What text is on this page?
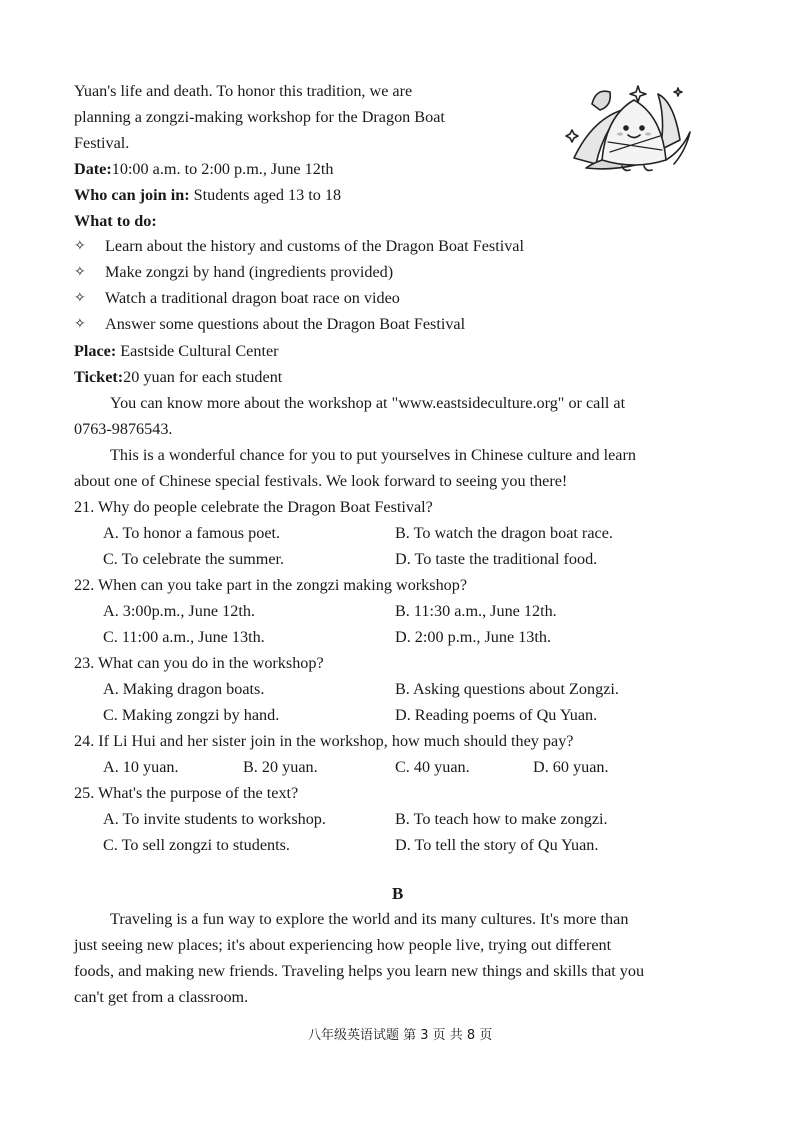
Yuan's life and death. To honor this tradition, we are
planning a zongzi-making workshop for the Dragon Boat
Festival.
Date:10:00 a.m. to 2:00 p.m., June 12th
Who can join in: Students aged 13 to 18
What to do:
✧ Learn about the history and customs of the Dragon Boat Festival
✧ Make zongzi by hand (ingredients provided)
✧ Watch a traditional dragon boat race on video
✧ Answer some questions about the Dragon Boat Festival
Place: Eastside Cultural Center
Ticket:20 yuan for each student
You can know more about the workshop at "www.eastsideculture.org" or call at
0763-9876543.
This is a wonderful chance for you to put yourselves in Chinese culture and learn
about one of Chinese special festivals. We look forward to seeing you there!
21. Why do people celebrate the Dragon Boat Festival?
A. To honor a famous poet.	B. To watch the dragon boat race.
C. To celebrate the summer.	D. To taste the traditional food.
22. When can you take part in the zongzi making workshop?
A. 3:00p.m., June 12th.	B. 11:30 a.m., June 12th.
C. 11:00 a.m., June 13th.	D. 2:00 p.m., June 13th.
23. What can you do in the workshop?
A. Making dragon boats.	B. Asking questions about Zongzi.
C. Making zongzi by hand.	D. Reading poems of Qu Yuan.
24. If Li Hui and her sister join in the workshop, how much should they pay?
A. 10 yuan.	B. 20 yuan.	C. 40 yuan.	D. 60 yuan.
25. What's the purpose of the text?
A. To invite students to workshop.	B. To teach how to make zongzi.
C. To sell zongzi to students.	D. To tell the story of Qu Yuan.
B
Traveling is a fun way to explore the world and its many cultures. It's more than
just seeing new places; it's about experiencing how people live, trying out different
foods, and making new friends. Traveling helps you learn new things and skills that you
can't get from a classroom.
八年级英语试题 第 3 页 共 8 页
